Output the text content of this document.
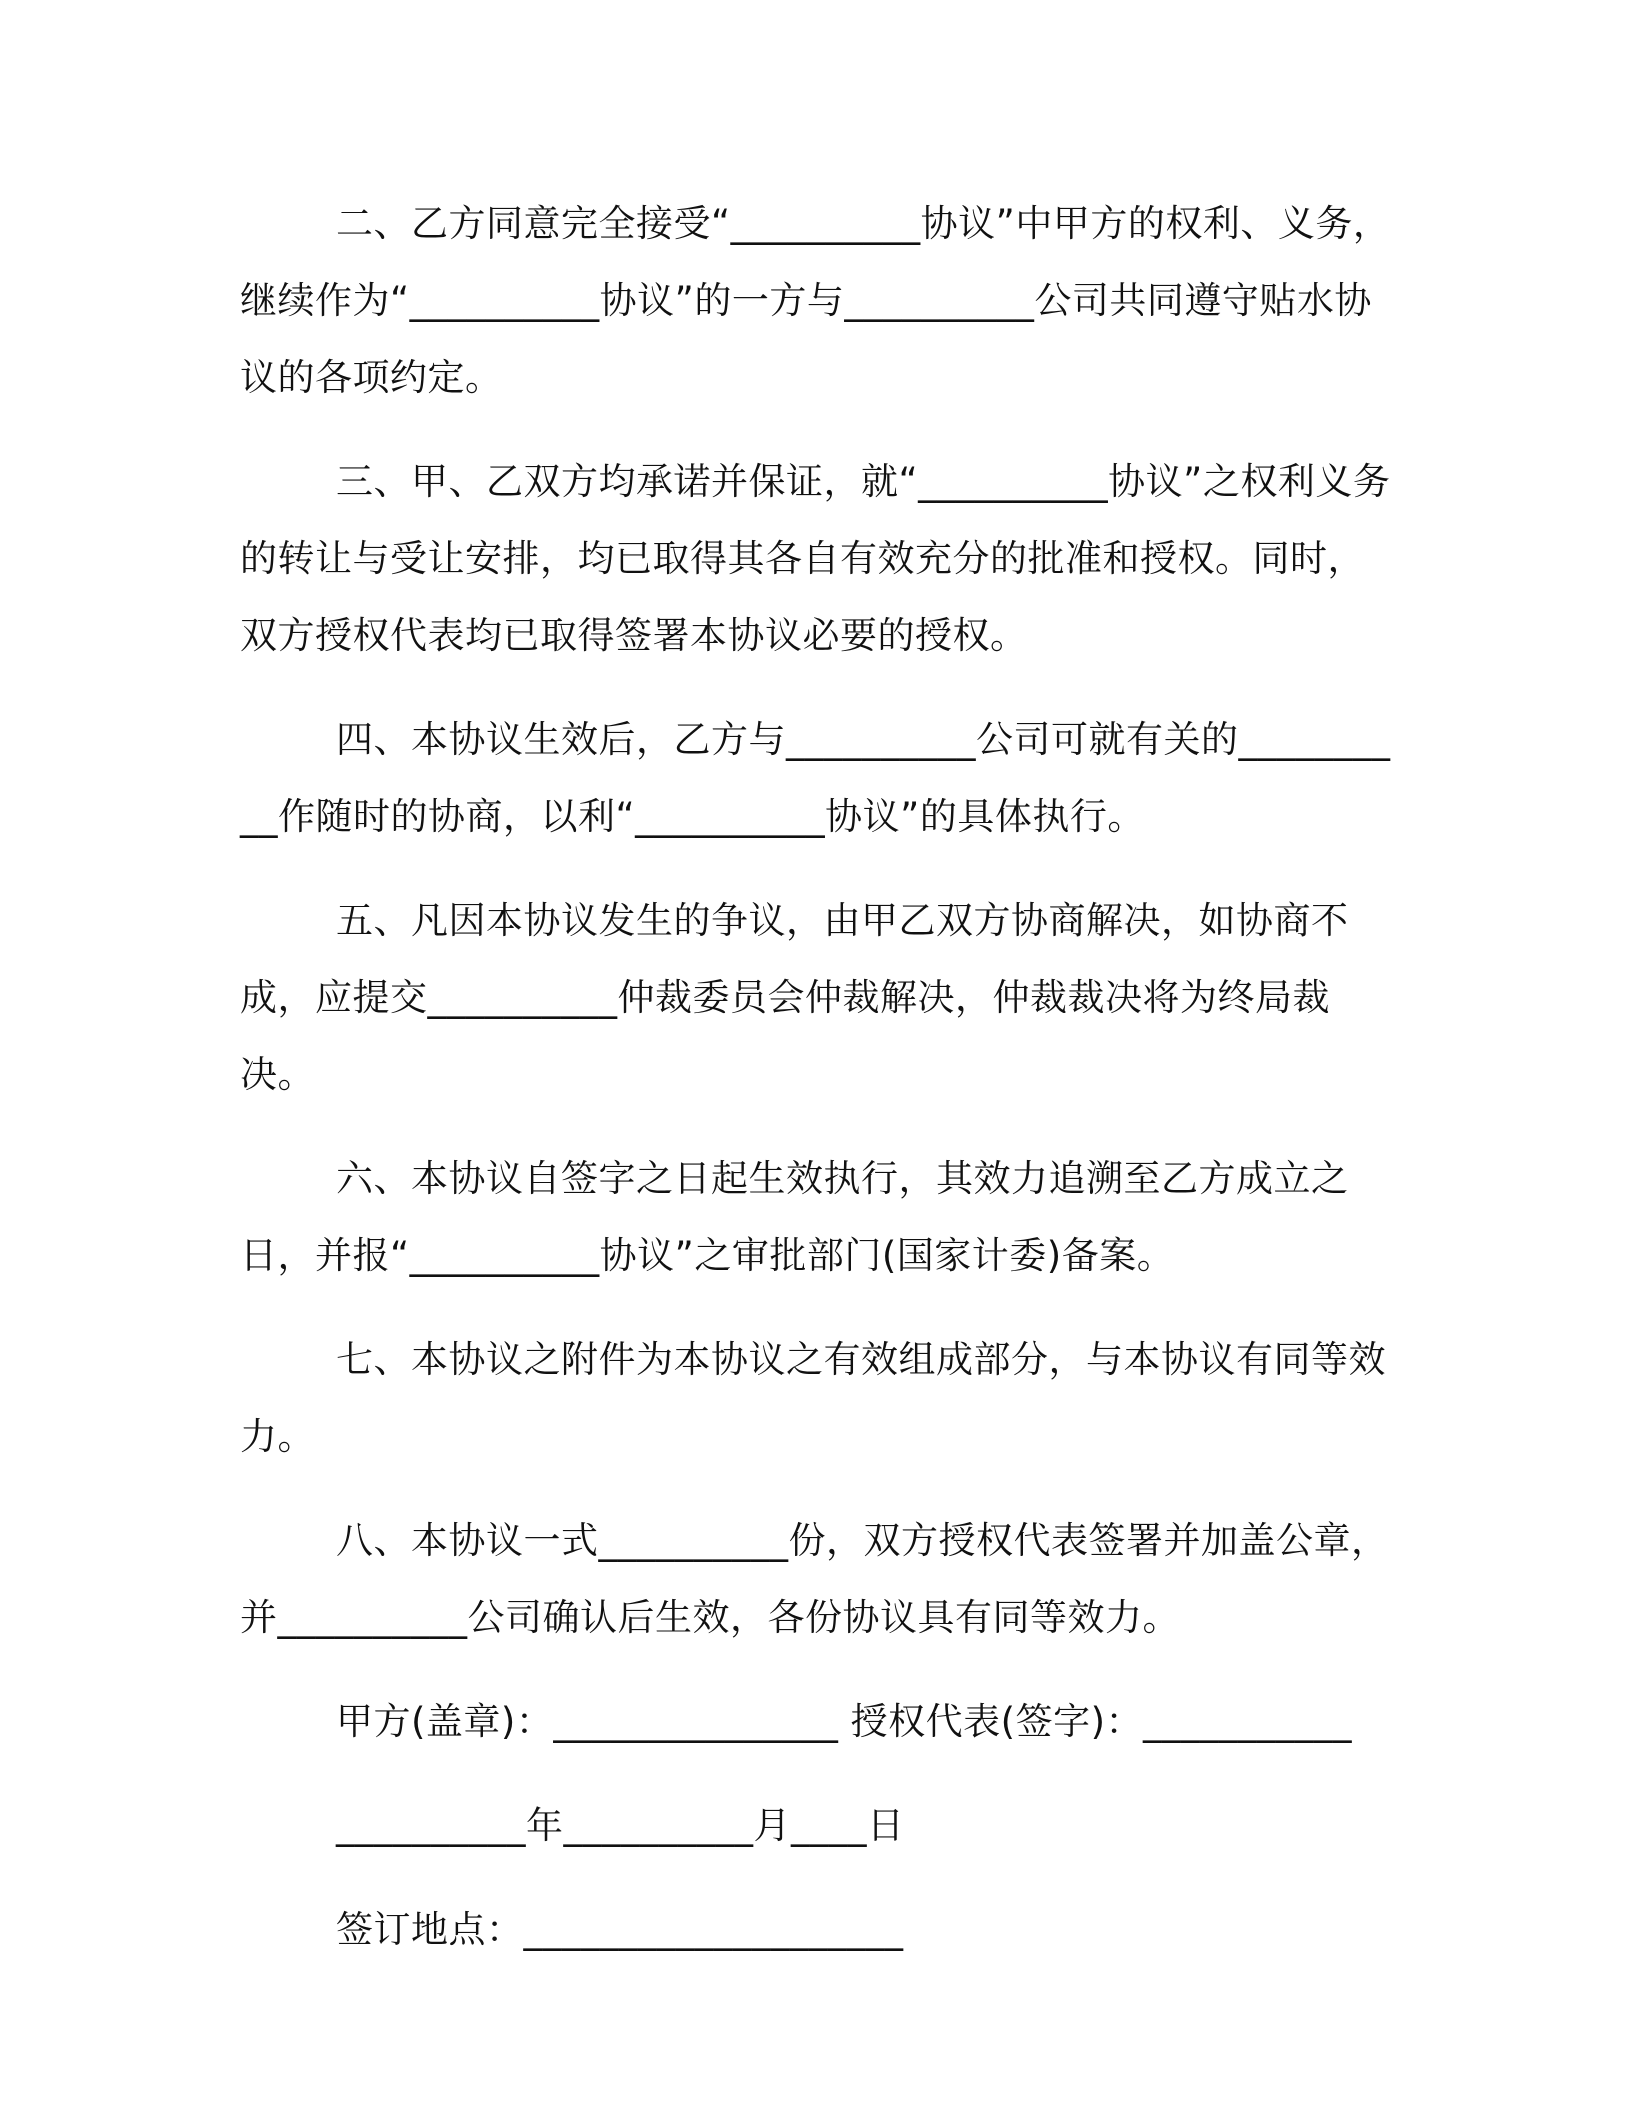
二、乙方同意完全接受“__________协议”中甲方的权利、义务，继续作为“__________协议”的一方与__________公司共同遵守贴水协议的各项约定。

三、甲、乙双方均承诺并保证，就“__________协议”之权利义务的转让与受让安排，均已取得其各自有效充分的批准和授权。同时，双方授权代表均已取得签署本协议必要的授权。

四、本协议生效后，乙方与__________公司可就有关的__________作随时的协商，以利“__________协议”的具体执行。

五、凡因本协议发生的争议，由甲乙双方协商解决，如协商不成，应提交__________仲裁委员会仲裁解决，仲裁裁决将为终局裁决。

六、本协议自签字之日起生效执行，其效力追溯至乙方成立之日，并报“__________协议”之审批部门(国家计委)备案。

七、本协议之附件为本协议之有效组成部分，与本协议有同等效力。

八、本协议一式__________份，双方授权代表签署并加盖公章，并__________公司确认后生效，各份协议具有同等效力。

甲方(盖章)：_______________ 授权代表(签字)：___________
__________年__________月____日
签订地点：____________________
